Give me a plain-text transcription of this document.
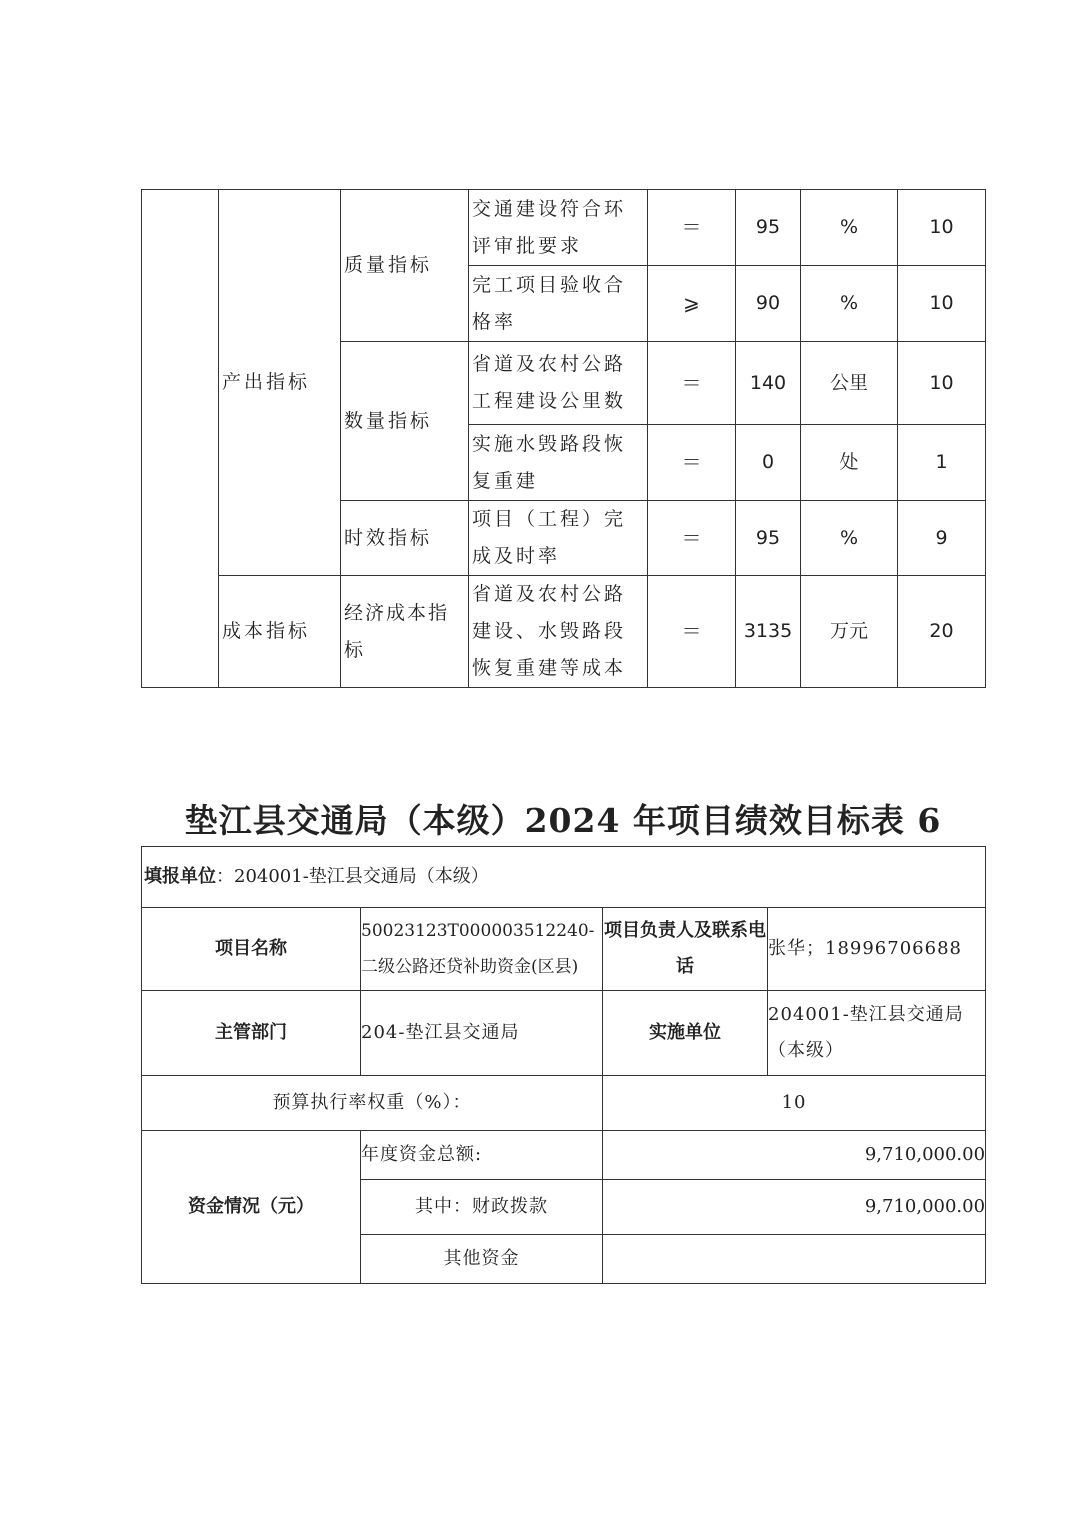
	产出指标	质量指标	交通建设符合环评审批要求	＝	95	%	10
			完工项目验收合格率	⩾	90	%	10
		数量指标	省道及农村公路工程建设公里数	＝	140	公里	10
			实施水毁路段恢复重建	＝	0	处	1
		时效指标	项目（工程）完成及时率	＝	95	%	9
	成本指标	经济成本指标	省道及农村公路建设、水毁路段恢复重建等成本	＝	3135	万元	20
垫江县交通局（本级）2024 年项目绩效目标表 6
填报单位：204001-垫江县交通局（本级）			
项目名称	50023123T000003512240-二级公路还贷补助资金(区县)	项目负责人及联系电话	张华；18996706688
主管部门	204-垫江县交通局	实施单位	204001-垫江县交通局（本级）
预算执行率权重（%）：		10	
资金情况（元）	年度资金总额:	9,710,000.00	
	其中：财政拨款	9,710,000.00	
	其他资金		
